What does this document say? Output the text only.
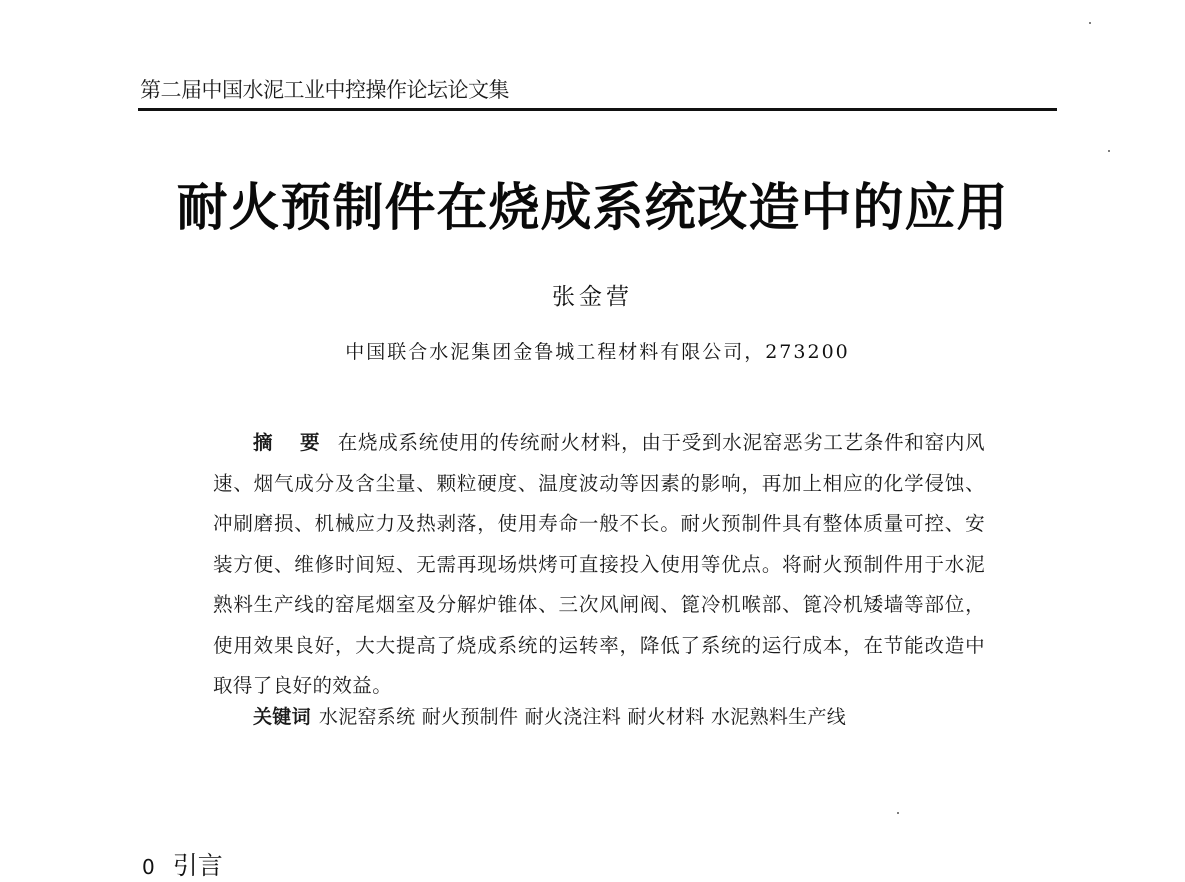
第二届中国水泥工业中控操作论坛论文集
耐火预制件在烧成系统改造中的应用
张金营
中国联合水泥集团金鲁城工程材料有限公司，273200
摘 要 在烧成系统使用的传统耐火材料，由于受到水泥窑恶劣工艺条件和窑内风速、烟气成分及含尘量、颗粒硬度、温度波动等因素的影响，再加上相应的化学侵蚀、冲刷磨损、机械应力及热剥落，使用寿命一般不长。耐火预制件具有整体质量可控、安装方便、维修时间短、无需再现场烘烤可直接投入使用等优点。将耐火预制件用于水泥熟料生产线的窑尾烟室及分解炉锥体、三次风闸阀、篦冷机喉部、篦冷机矮墙等部位，使用效果良好，大大提高了烧成系统的运转率，降低了系统的运行成本，在节能改造中取得了良好的效益。
关键词 水泥窑系统 耐火预制件 耐火浇注料 耐火材料 水泥熟料生产线
0 引言
